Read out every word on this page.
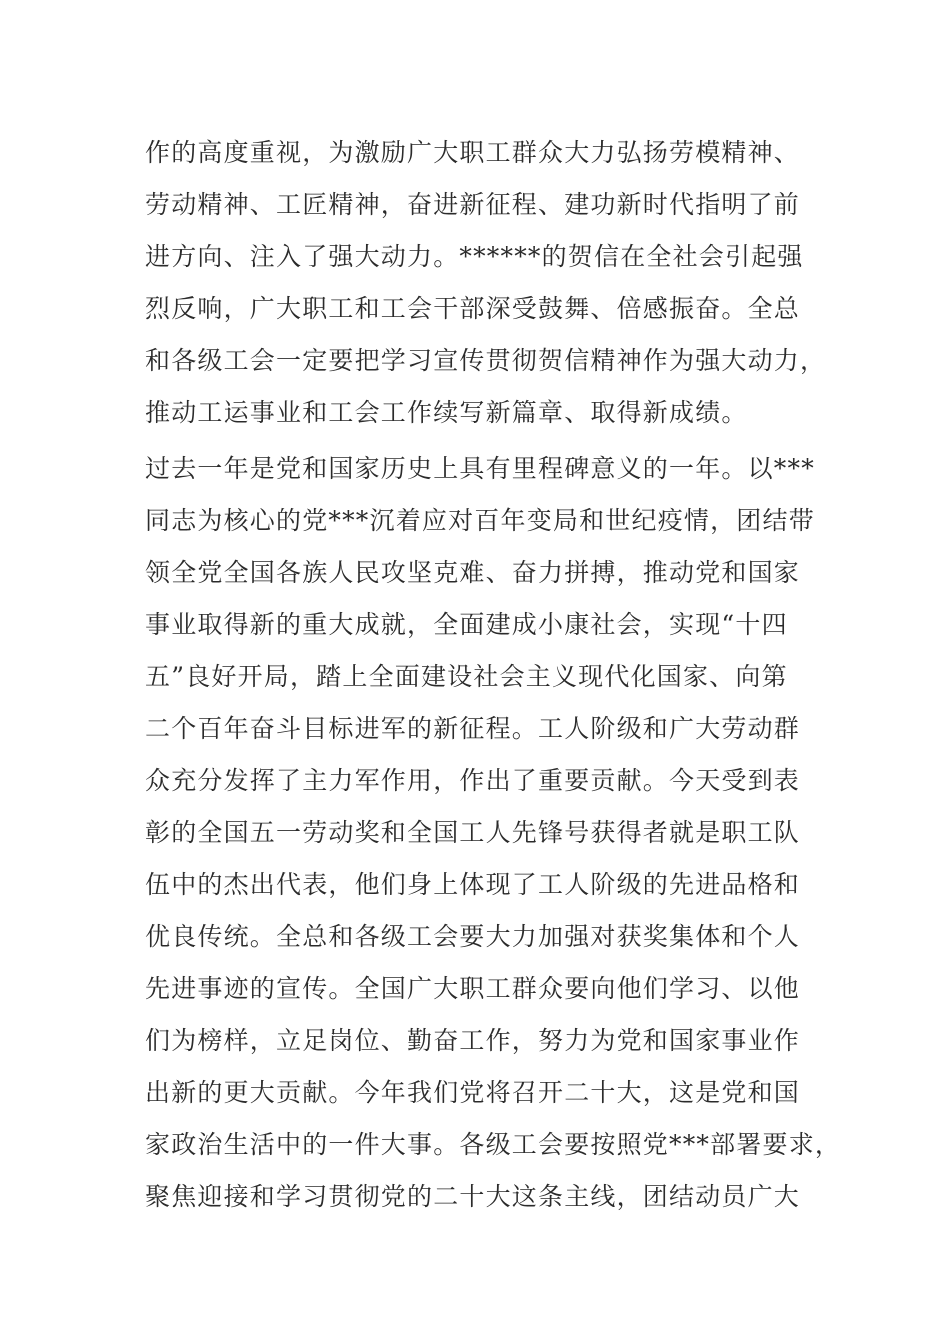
作的高度重视，为激励广大职工群众大力弘扬劳模精神、
劳动精神、工匠精神，奋进新征程、建功新时代指明了前
进方向、注入了强大动力。******的贺信在全社会引起强
烈反响，广大职工和工会干部深受鼓舞、倍感振奋。全总
和各级工会一定要把学习宣传贯彻贺信精神作为强大动力，
推动工运事业和工会工作续写新篇章、取得新成绩。
过去一年是党和国家历史上具有里程碑意义的一年。以***
同志为核心的党***沉着应对百年变局和世纪疫情，团结带
领全党全国各族人民攻坚克难、奋力拼搏，推动党和国家
事业取得新的重大成就，全面建成小康社会，实现“十四
五”良好开局，踏上全面建设社会主义现代化国家、向第
二个百年奋斗目标进军的新征程。工人阶级和广大劳动群
众充分发挥了主力军作用，作出了重要贡献。今天受到表
彰的全国五一劳动奖和全国工人先锋号获得者就是职工队
伍中的杰出代表，他们身上体现了工人阶级的先进品格和
优良传统。全总和各级工会要大力加强对获奖集体和个人
先进事迹的宣传。全国广大职工群众要向他们学习、以他
们为榜样，立足岗位、勤奋工作，努力为党和国家事业作
出新的更大贡献。今年我们党将召开二十大，这是党和国
家政治生活中的一件大事。各级工会要按照党***部署要求，
聚焦迎接和学习贯彻党的二十大这条主线，团结动员广大
